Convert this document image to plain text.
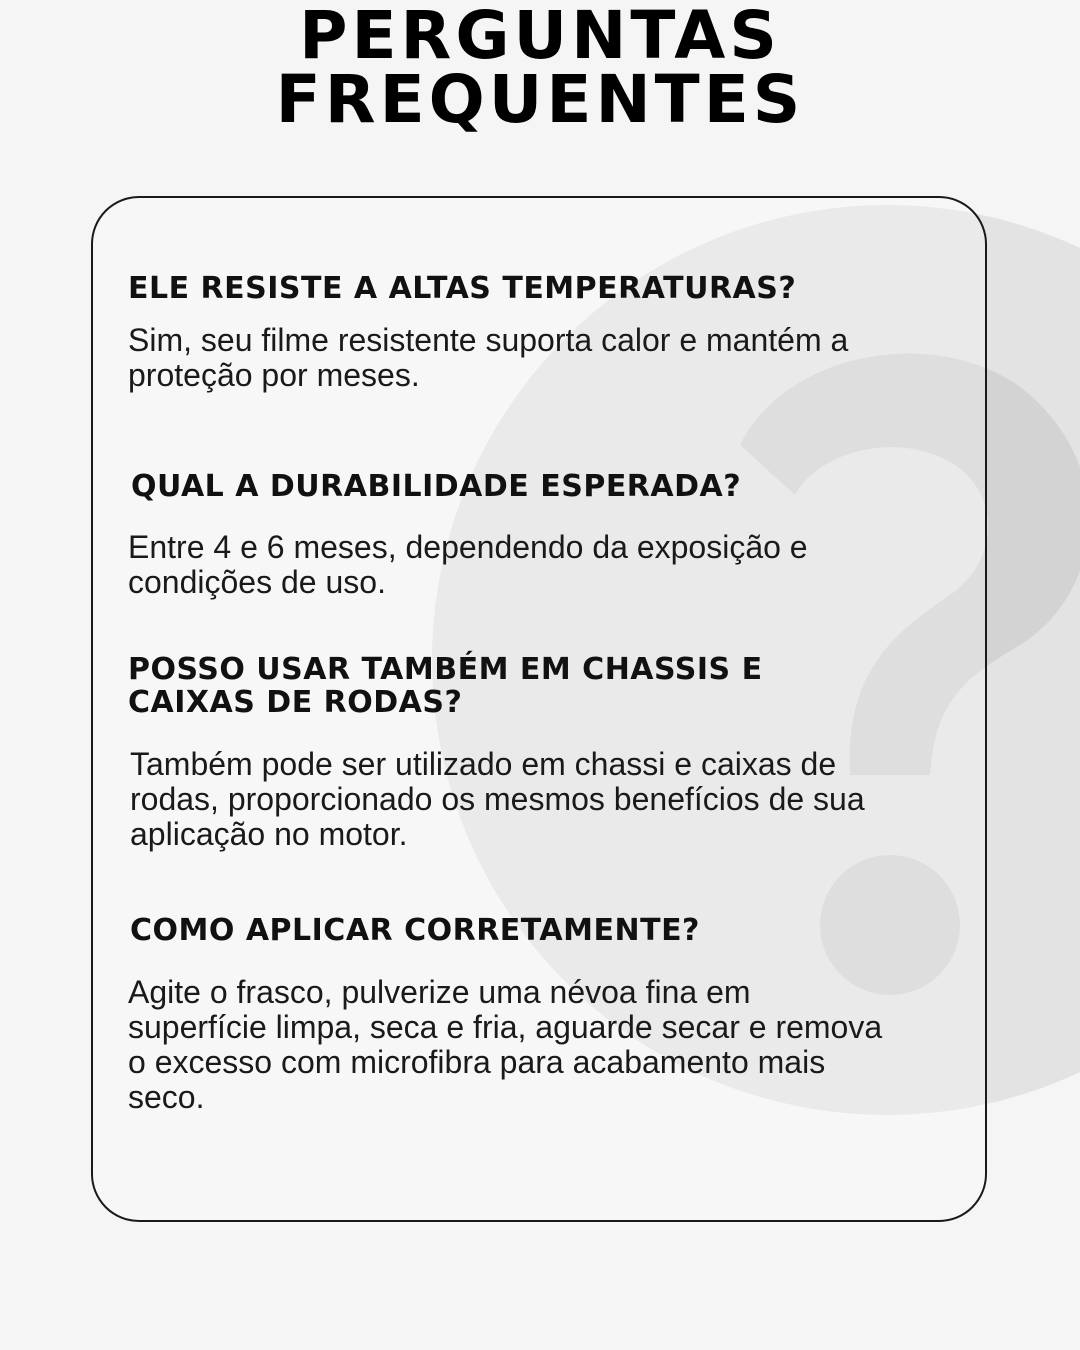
PERGUNTAS
FREQUENTES
ELE RESISTE A ALTAS TEMPERATURAS?
Sim, seu filme resistente suporta calor e mantém a
proteção por meses.
QUAL A DURABILIDADE ESPERADA?
Entre 4 e 6 meses, dependendo da exposição e
condições de uso.
POSSO USAR TAMBÉM EM CHASSIS E
CAIXAS DE RODAS?
Também pode ser utilizado em chassi e caixas de
rodas, proporcionado os mesmos benefícios de sua
aplicação no motor.
COMO APLICAR CORRETAMENTE?
Agite o frasco, pulverize uma névoa fina em
superfície limpa, seca e fria, aguarde secar e remova
o excesso com microfibra para acabamento mais
seco.
